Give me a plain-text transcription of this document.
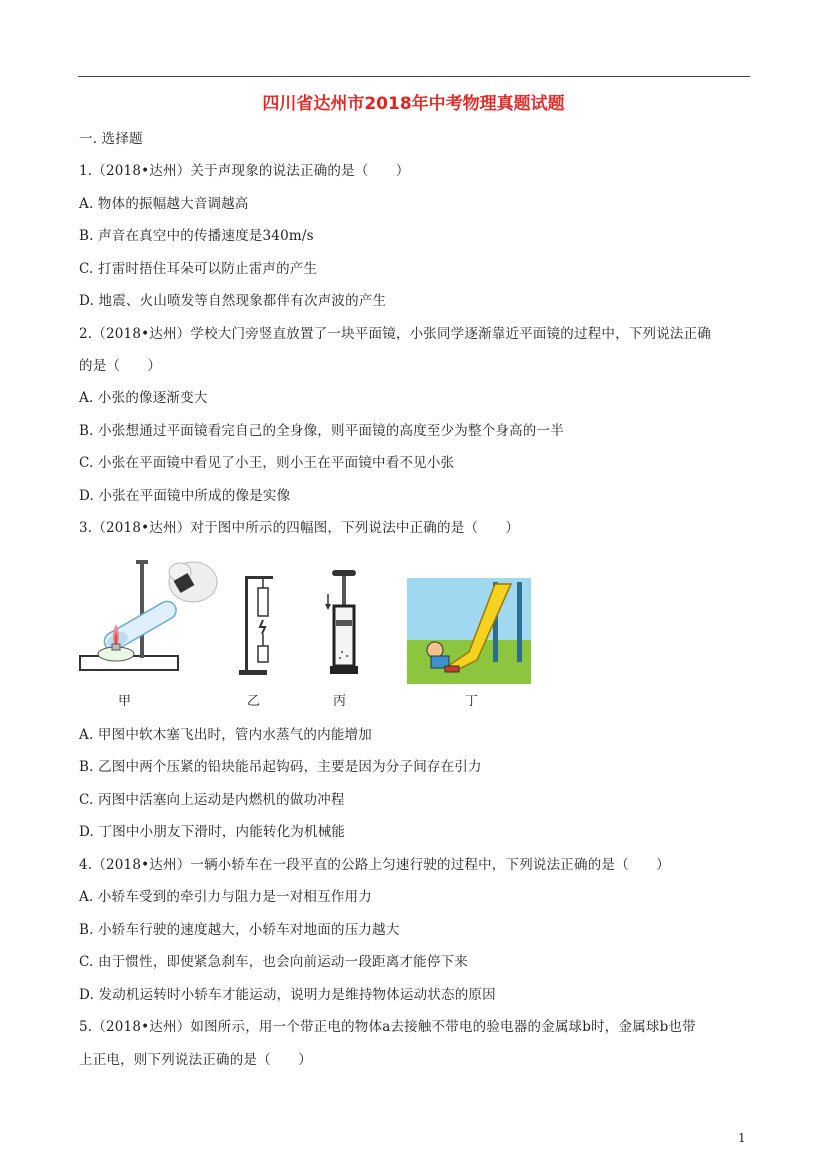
四川省达州市2018年中考物理真题试题
一. 选择题
1.（2018•达州）关于声现象的说法正确的是（　　）
A. 物体的振幅越大音调越高
B. 声音在真空中的传播速度是340m/s
C. 打雷时捂住耳朵可以防止雷声的产生
D. 地震、火山喷发等自然现象都伴有次声波的产生
2.（2018•达州）学校大门旁竖直放置了一块平面镜，小张同学逐渐靠近平面镜的过程中，下列说法正确
的是（　　）
A. 小张的像逐渐变大
B. 小张想通过平面镜看完自己的全身像，则平面镜的高度至少为整个身高的一半
C. 小张在平面镜中看见了小王，则小王在平面镜中看不见小张
D. 小张在平面镜中所成的像是实像
3.（2018•达州）对于图中所示的四幅图，下列说法中正确的是（　　）
甲	乙	丙	丁
A. 甲图中软木塞飞出时，管内水蒸气的内能增加
B. 乙图中两个压紧的铅块能吊起钩码，主要是因为分子间存在引力
C. 丙图中活塞向上运动是内燃机的做功冲程
D. 丁图中小朋友下滑时，内能转化为机械能
4.（2018•达州）一辆小轿车在一段平直的公路上匀速行驶的过程中，下列说法正确的是（　　）
A. 小轿车受到的牵引力与阻力是一对相互作用力
B. 小轿车行驶的速度越大，小轿车对地面的压力越大
C. 由于惯性，即使紧急刹车，也会向前运动一段距离才能停下来
D. 发动机运转时小轿车才能运动，说明力是维持物体运动状态的原因
5.（2018•达州）如图所示，用一个带正电的物体a去接触不带电的验电器的金属球b时，金属球b也带
上正电，则下列说法正确的是（　　）
1
